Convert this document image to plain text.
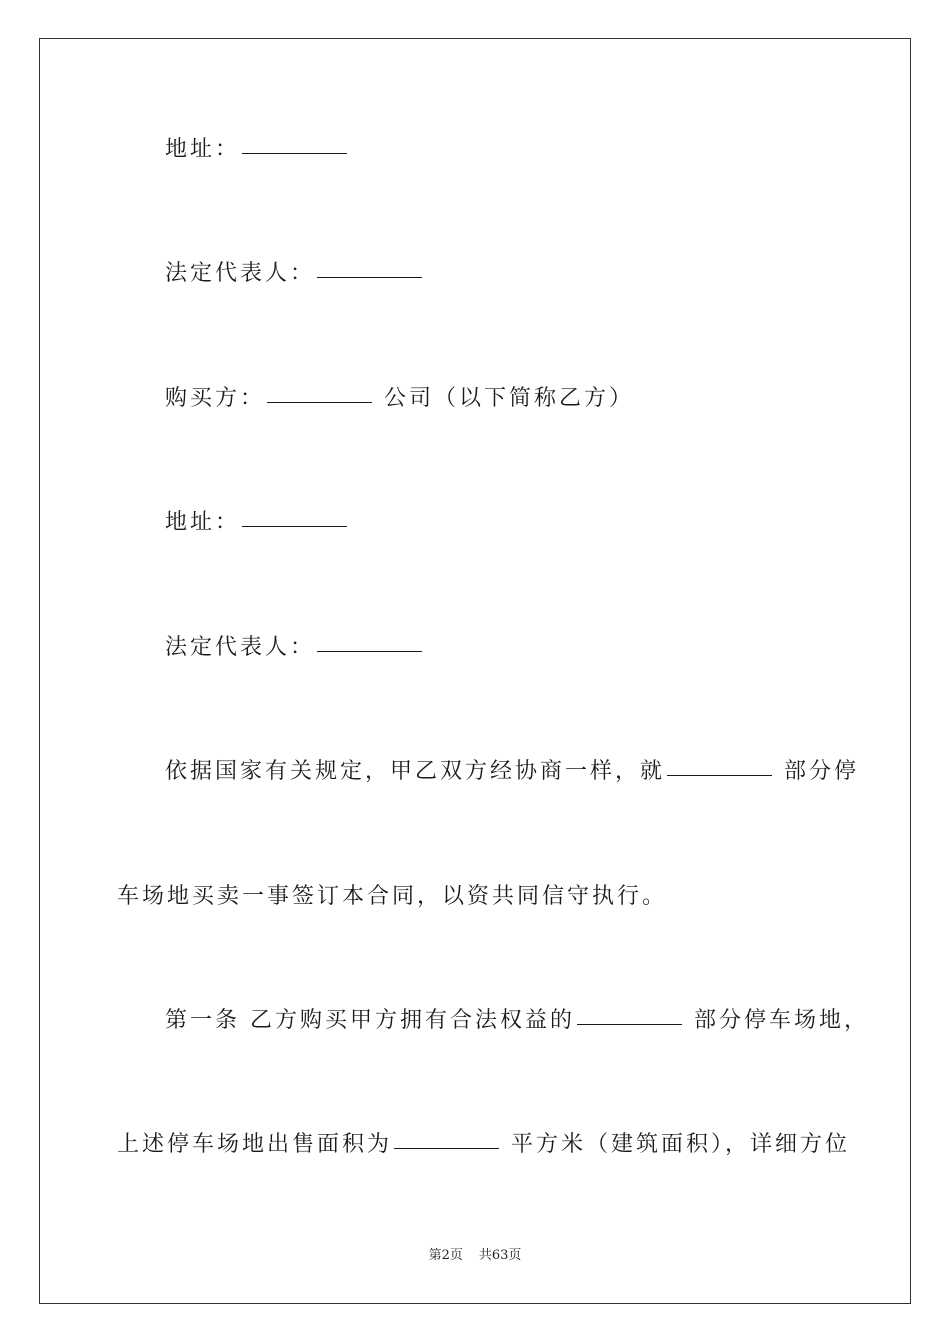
地址：
法定代表人：
购买方：	公司（以下简称乙方）
地址：
法定代表人：
依据国家有关规定，甲乙双方经协商一样，就	部分停
车场地买卖一事签订本合同，以资共同信守执行。
第一条 乙方购买甲方拥有合法权益的	部分停车场地，
上述停车场地出售面积为	平方米（建筑面积），详细方位
第2页 共63页
